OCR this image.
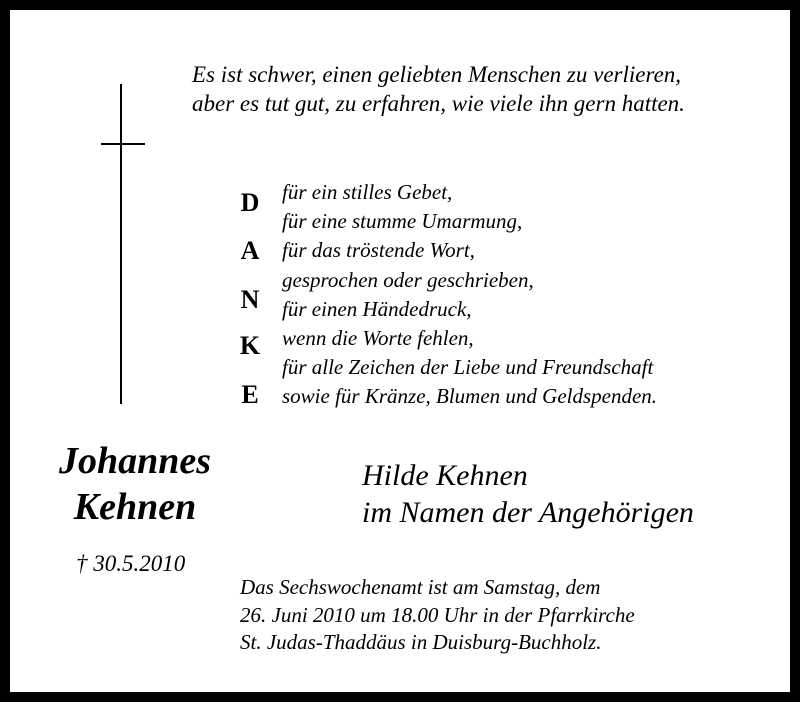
Es ist schwer, einen geliebten Menschen zu verlieren,
aber es tut gut, zu erfahren, wie viele ihn gern hatten.
D
A
N
K
E
für ein stilles Gebet,
für eine stumme Umarmung,
für das tröstende Wort,
gesprochen oder geschrieben,
für einen Händedruck,
wenn die Worte fehlen,
für alle Zeichen der Liebe und Freundschaft
sowie für Kränze, Blumen und Geldspenden.
Johannes
Kehnen
† 30.5.2010
Hilde Kehnen
im Namen der Angehörigen
Das Sechswochenamt ist am Samstag, dem
26. Juni 2010 um 18.00 Uhr in der Pfarrkirche
St. Judas-Thaddäus in Duisburg-Buchholz.
